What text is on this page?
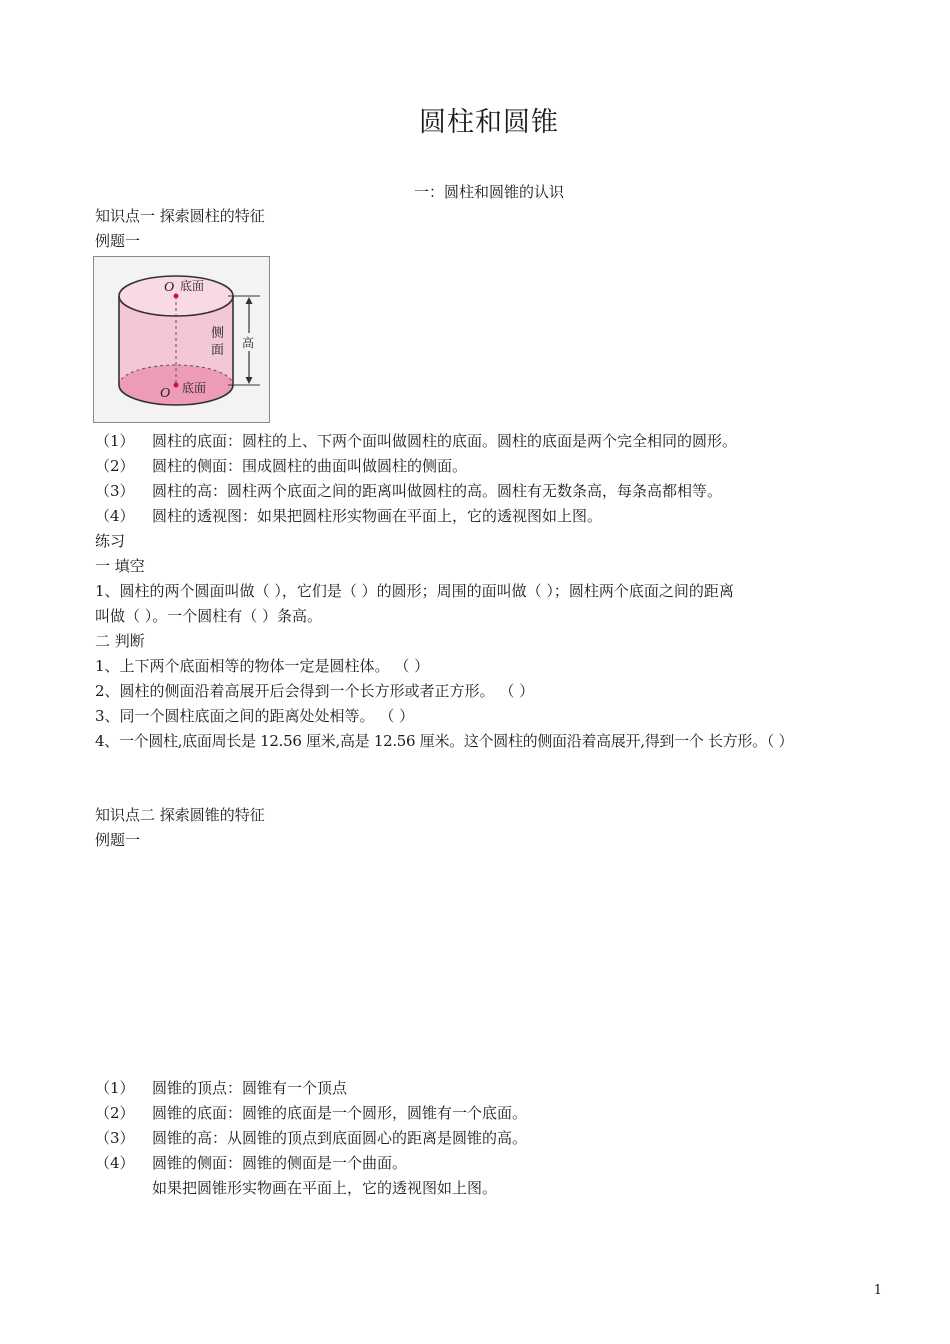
圆柱和圆锥
一：圆柱和圆锥的认识
知识点一 探索圆柱的特征
例题一
O 底面
侧
面 高
O 底面
（1） 圆柱的底面：圆柱的上、下两个面叫做圆柱的底面。圆柱的底面是两个完全相同的圆形。
（2） 圆柱的侧面：围成圆柱的曲面叫做圆柱的侧面。
（3） 圆柱的高：圆柱两个底面之间的距离叫做圆柱的高。圆柱有无数条高，每条高都相等。
（4） 圆柱的透视图：如果把圆柱形实物画在平面上，它的透视图如上图。
练习
一 填空
1、圆柱的两个圆面叫做（ ），它们是（ ）的圆形；周围的面叫做（ ）；圆柱两个底面之间的距离
叫做（ ）。一个圆柱有（ ）条高。
二 判断
1、上下两个底面相等的物体一定是圆柱体。 （ ）
2、圆柱的侧面沿着高展开后会得到一个长方形或者正方形。 （ ）
3、同一个圆柱底面之间的距离处处相等。 （ ）
4、一个圆柱,底面周长是 12.56 厘米,高是 12.56 厘米。这个圆柱的侧面沿着高展开,得到一个 长方形。（ ）
知识点二 探索圆锥的特征
例题一
（1） 圆锥的顶点：圆锥有一个顶点
（2） 圆锥的底面：圆锥的底面是一个圆形，圆锥有一个底面。
（3） 圆锥的高：从圆锥的顶点到底面圆心的距离是圆锥的高。
（4） 圆锥的侧面：圆锥的侧面是一个曲面。
如果把圆锥形实物画在平面上，它的透视图如上图。
1
